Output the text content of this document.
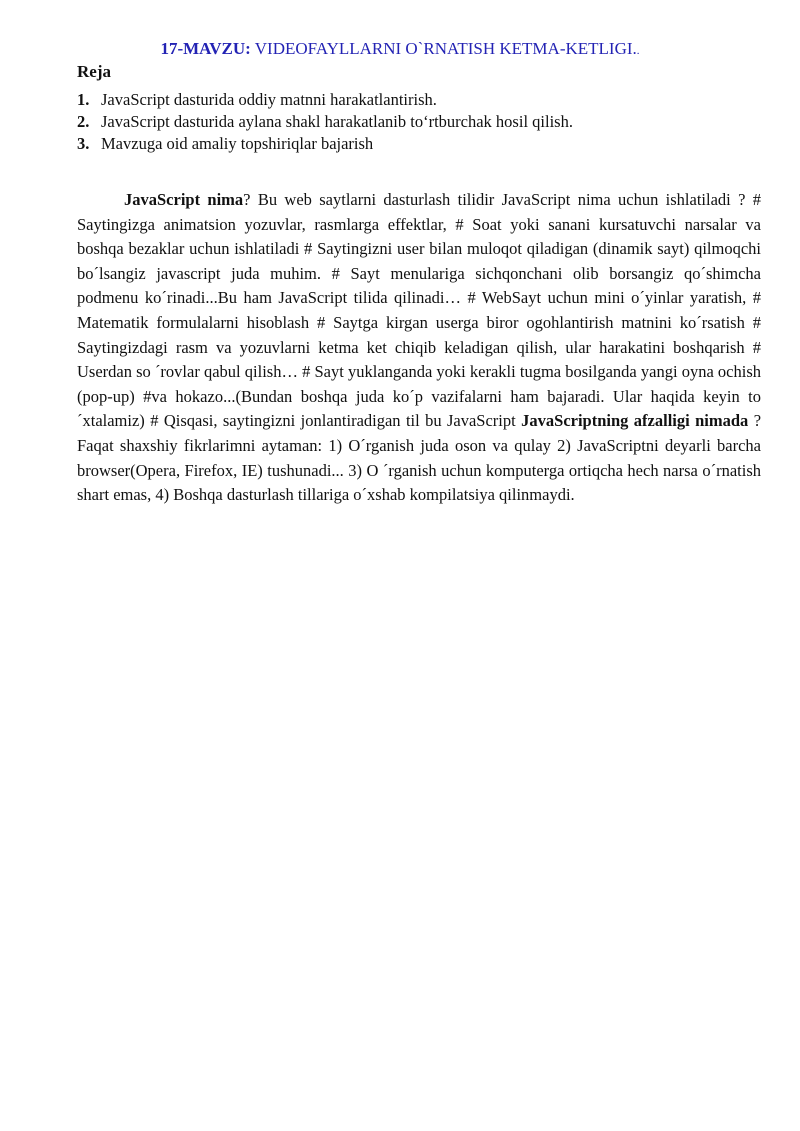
17-MAVZU: VIDEOFAYLLARNI O`RNATISH KETMA-KETLIGI..
Reja
1. JavaScript dasturida oddiy matnni harakatlantirish.
2. JavaScript dasturida aylana shakl harakatlanib to‘rtburchak hosil qilish.
3. Mavzuga oid amaliy topshiriqlar bajarish

JavaScript nima? Bu web saytlarni dasturlash tilidir JavaScript nima uchun ishlatiladi ? # Saytingizga animatsion yozuvlar, rasmlarga effektlar, # Soat yoki sanani kursatuvchi narsalar va boshqa bezaklar uchun ishlatiladi # Saytingizni user bilan muloqot qiladigan (dinamik sayt) qilmoqchi bo´lsangiz javascript juda muhim. # Sayt menulariga sichqonchani olib borsangiz qo´shimcha podmenu ko´rinadi...Bu ham JavaScript tilida qilinadi… # WebSayt uchun mini o´yinlar yaratish, # Matematik formulalarni hisoblash # Saytga kirgan userga biror ogohlantirish matnini ko´rsatish # Saytingizdagi rasm va yozuvlarni ketma ket chiqib keladigan qilish, ular harakatini boshqarish # Userdan so ´rovlar qabul qilish… # Sayt yuklanganda yoki kerakli tugma bosilganda yangi oyna ochish (pop-up) #va hokazo...(Bundan boshqa juda ko´p vazifalarni ham bajaradi. Ular haqida keyin to´xtalamiz) # Qisqasi, saytingizni jonlantiradigan til bu JavaScript JavaScriptning afzalligi nimada ? Faqat shaxshiy fikrlarimni aytaman: 1) O´rganish juda oson va qulay 2) JavaScriptni deyarli barcha browser(Opera, Firefox, IE) tushunadi... 3) O ´rganish uchun komputerga ortiqcha hech narsa o´rnatish shart emas, 4) Boshqa dasturlash tillariga o´xshab kompilatsiya qilinmaydi.
